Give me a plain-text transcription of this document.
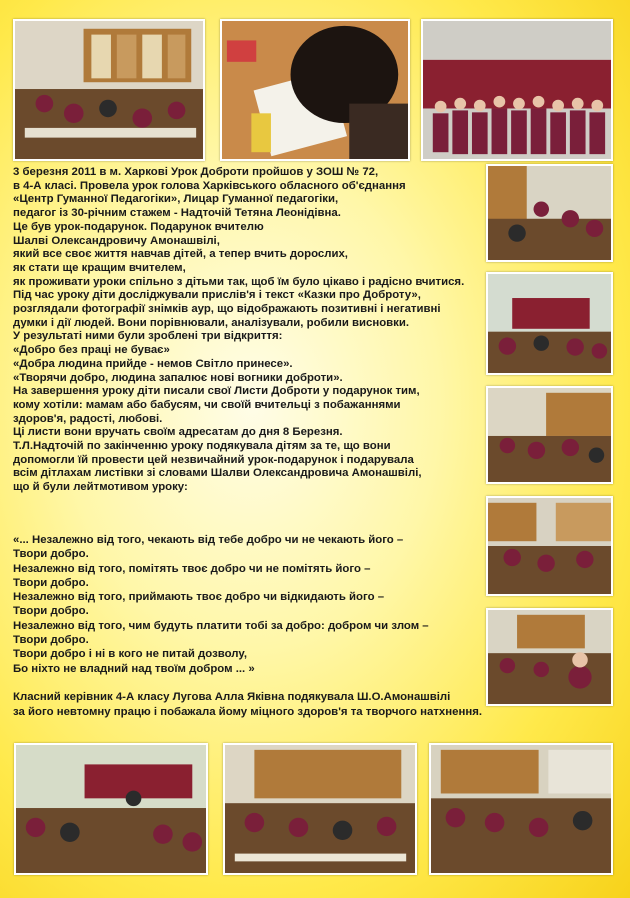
3 березня 2011 в м. Харкові Урок Доброти пройшов у ЗОШ № 72,
в 4-А класі. Провела урок голова Харківського обласного об'єднання
«Центр Гуманної Педагогіки», Лицар Гуманної педагогіки,
педагог із 30-річним стажем - Надточій Тетяна Леонідівна.
Це був урок-подарунок. Подарунок вчителю
Шалві Олександровичу Амонашвілі,
який все своє життя навчав дітей, а тепер вчить дорослих,
як стати ще кращим вчителем,
як проживати уроки спільно з дітьми так, щоб їм було цікаво і радісно вчитися.
Під час уроку діти досліджували прислів'я і текст «Казки про Доброту»,
розглядали фотографії знімків аур, що відображають позитивні і негативні
думки і дії людей. Вони порівнювали, аналізували, робили висновки.
У результаті ними були зроблені три відкриття:
«Добро без праці не буває»
«Добра людина прийде - немов Світло принесе».
«Творячи добро, людина запалює нові вогники доброти».
На завершення уроку діти писали свої Листи Доброти у подарунок тим,
кому хотіли: мамам або бабусям, чи своїй вчительці з побажаннями
здоров'я, радості, любові.
Ці листи вони вручать своїм адресатам до дня 8 Березня.
Т.Л.Надточій по закінченню уроку подякувала дітям за те, що вони
допомогли їй провести цей незвичайний урок-подарунок і подарувала
всім дітлахам листівки зі словами Шалви Олександровича Амонашвілі,
що й були лейтмотивом уроку:
«... Незалежно від того, чекають від тебе добро чи не чекають його –
Твори добро.
Незалежно від того, помітять твоє добро чи не помітять його –
Твори добро.
Незалежно від того, приймають твоє добро чи відкидають його –
Твори добро.
Незалежно від того, чим будуть платити тобі за добро: добром чи злом –
Твори добро.
Твори добро і ні в кого не питай дозволу,
Бо ніхто не владний над твоїм добром ... »
Класний керівник 4-А класу Лугова Алла Яківна подякувала Ш.О.Амонашвілі
за його невтомну працю і побажала йому міцного здоров'я та творчого натхнення.
